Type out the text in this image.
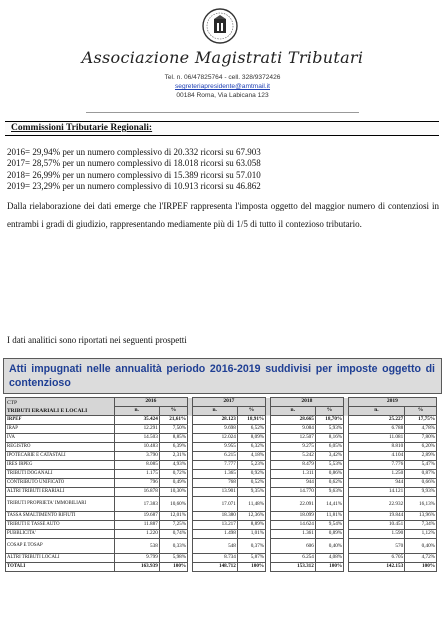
Associazione Magistrati Tributari
Tel. n. 06/47825764 - cell. 328/9372426
segreteriapresidente@amtmail.it
00184 Roma, Via Labicana 123
Commissioni Tributarie Regionali:
2016= 29,94% per un numero complessivo di 20.332 ricorsi su 67.903
2017= 28,57% per un numero complessivo di 18.018 ricorsi su 63.058
2018= 26,99% per un numero complessivo di 15.389 ricorsi su 57.010
2019= 23,29% per un numero complessivo di 10.913 ricorsi su 46.862
Dalla rielaborazione dei dati emerge che l'IRPEF rappresenta l'imposta oggetto del maggior numero di contenziosi in entrambi i gradi di giudizio, rappresentando mediamente più di 1/5 di tutto il contezioso tributario.
I dati analitici sono riportati nei seguenti prospetti
Atti impugnati nelle annualità periodo 2016-2019 suddivisi per imposte oggetto di contenzioso
CTP
TRIBUTI ERARIALI E LOCALI	2016			2017			2018			2019	
	n.	%		n.	%		n.	%		n.	%
IRPEF	35.424	21,61%		28.123	18,91%		28.665	18,70%		25.227	17,75%
IRAP	12.291	7,50%		9.698	6,52%		9.084	5,93%		6.788	4,78%
IVA	14.503	8,85%		12.024	8,09%		12.507	8,16%		11.081	7,80%
REGISTRO	10.483	6,39%		9.955	6,32%		9.275	6,05%		8.810	6,20%
IPOTECARIE E CATASTALI	3.790	2,31%		6.215	4,18%		5.242	3,42%		4.104	2,89%
IRES IRPEG	8.085	4,93%		7.777	5,23%		8.479	5,53%		7.776	5,47%
TRIBUTI DOGANALI	1.175	0,72%		1.365	0,92%		1.311	0,86%		1.250	0,87%
CONTRIBUTO UNIFICATO	796	0,49%		768	0,52%		944	0,62%		944	0,66%
ALTRI TRIBUTI ERARIALI	16.878	10,30%		13.901	9,35%		14.770	9,63%		14.121	9,93%
TRIBUTI PROPRIETA' IMMOBILIARI	17.383	10,60%		17.071	11,48%		22.091	14,41%		22.932	16,13%
TASSA SMALTIMENTO RIFIUTI	19.687	12,01%		18.380	12,36%		18.099	11,81%		19.844	13,96%
TRIBUTI E TASSE AUTO	11.887	7,25%		13.217	8,89%		14.624	9,54%		10.451	7,34%
PUBBLICITA'	1.220	0,74%		1.498	1,01%		1.361	0,89%		1.590	1,12%
COSAP E TOSAP	538	0,33%		548	0,37%		606	0,40%		570	0,40%
ALTRI TRIBUTI LOCALI	9.799	5,98%		8.734	5,87%		6.254	4,08%		6.705	4,72%
TOTALI	163.939	100%		148.712	100%		153.312	100%		142.153	100%
